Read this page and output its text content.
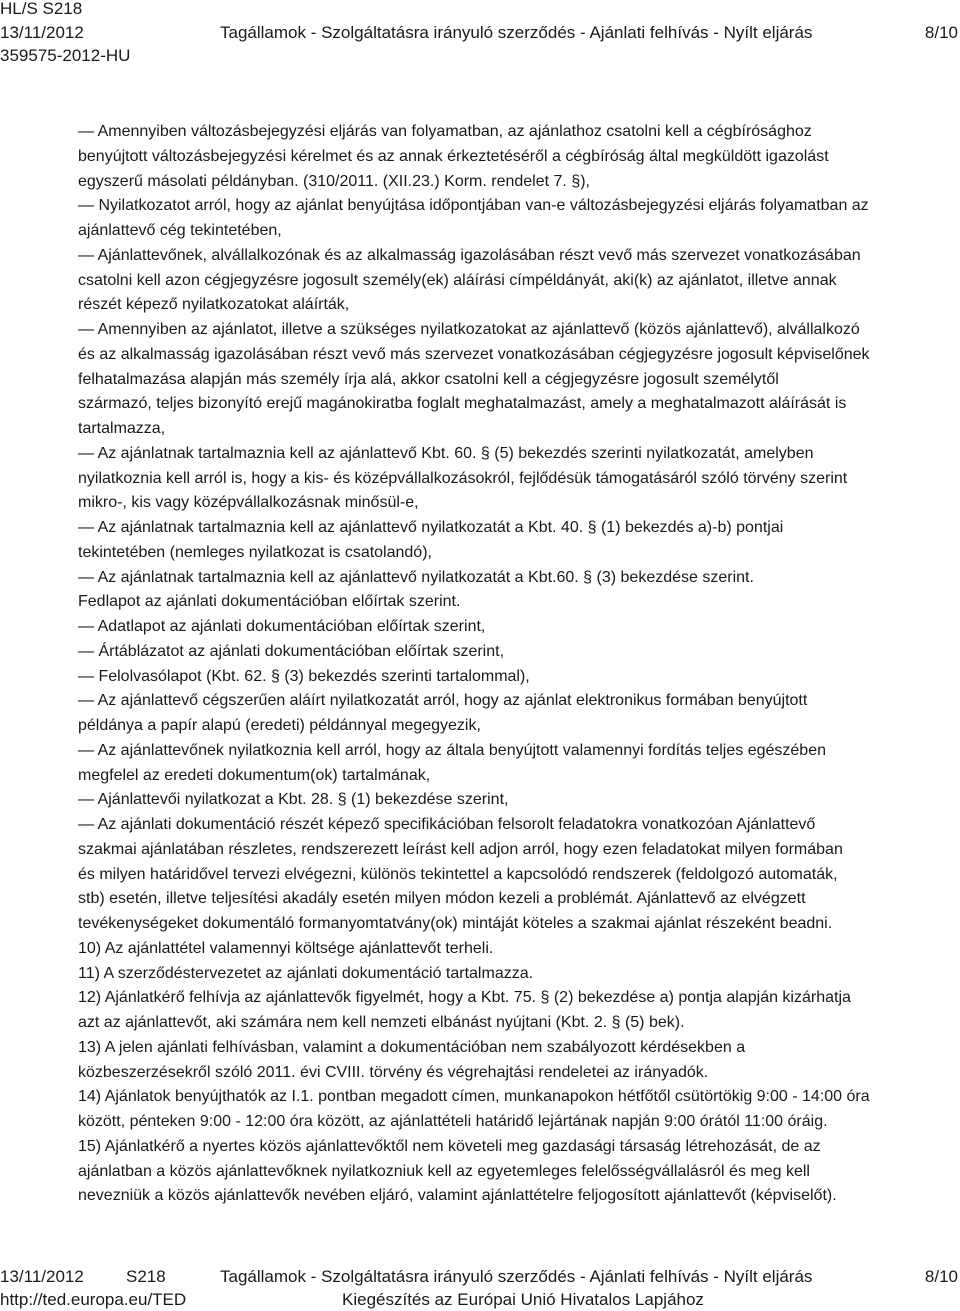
HL/S S218
13/11/2012	Tagállamok - Szolgáltatásra irányuló szerződés - Ajánlati felhívás - Nyílt eljárás	8/10
359575-2012-HU

— Amennyiben változásbejegyzési eljárás van folyamatban, az ajánlathoz csatolni kell a cégbírósághoz

benyújtott változásbejegyzési kérelmet és az annak érkeztetéséről a cégbíróság által megküldött igazolást

egyszerű másolati példányban. (310/2011. (XII.23.) Korm. rendelet 7. §),

— Nyilatkozatot arról, hogy az ajánlat benyújtása időpontjában van-e változásbejegyzési eljárás folyamatban az

ajánlattevő cég tekintetében,

— Ajánlattevőnek, alvállalkozónak és az alkalmasság igazolásában részt vevő más szervezet vonatkozásában

csatolni kell azon cégjegyzésre jogosult személy(ek) aláírási címpéldányát, aki(k) az ajánlatot, illetve annak

részét képező nyilatkozatokat aláírták,

— Amennyiben az ajánlatot, illetve a szükséges nyilatkozatokat az ajánlattevő (közös ajánlattevő), alvállalkozó

és az alkalmasság igazolásában részt vevő más szervezet vonatkozásában cégjegyzésre jogosult képviselőnek

felhatalmazása alapján más személy írja alá, akkor csatolni kell a cégjegyzésre jogosult személytől

származó, teljes bizonyító erejű magánokiratba foglalt meghatalmazást, amely a meghatalmazott aláírását is

tartalmazza,

— Az ajánlatnak tartalmaznia kell az ajánlattevő Kbt. 60. § (5) bekezdés szerinti nyilatkozatát, amelyben

nyilatkoznia kell arról is, hogy a kis- és középvállalkozásokról, fejlődésük támogatásáról szóló törvény szerint

mikro-, kis vagy középvállalkozásnak minősül-e,

— Az ajánlatnak tartalmaznia kell az ajánlattevő nyilatkozatát a Kbt. 40. § (1) bekezdés a)-b) pontjai

tekintetében (nemleges nyilatkozat is csatolandó),

— Az ajánlatnak tartalmaznia kell az ajánlattevő nyilatkozatát a Kbt.60. § (3) bekezdése szerint.

Fedlapot az ajánlati dokumentációban előírtak szerint.

— Adatlapot az ajánlati dokumentációban előírtak szerint,

— Ártáblázatot az ajánlati dokumentációban előírtak szerint,

— Felolvasólapot (Kbt. 62. § (3) bekezdés szerinti tartalommal),

— Az ajánlattevő cégszerűen aláírt nyilatkozatát arról, hogy az ajánlat elektronikus formában benyújtott

példánya a papír alapú (eredeti) példánnyal megegyezik,

— Az ajánlattevőnek nyilatkoznia kell arról, hogy az általa benyújtott valamennyi fordítás teljes egészében

megfelel az eredeti dokumentum(ok) tartalmának,

— Ajánlattevői nyilatkozat a Kbt. 28. § (1) bekezdése szerint,

— Az ajánlati dokumentáció részét képező specifikációban felsorolt feladatokra vonatkozóan Ajánlattevő

szakmai ajánlatában részletes, rendszerezett leírást kell adjon arról, hogy ezen feladatokat milyen formában

és milyen határidővel tervezi elvégezni, különös tekintettel a kapcsolódó rendszerek (feldolgozó automaták,

stb) esetén, illetve teljesítési akadály esetén milyen módon kezeli a problémát. Ajánlattevő az elvégzett

tevékenységeket dokumentáló formanyomtatvány(ok) mintáját köteles a szakmai ajánlat részeként beadni.

10) Az ajánlattétel valamennyi költsége ajánlattevőt terheli.

11) A szerződéstervezetet az ajánlati dokumentáció tartalmazza.

12) Ajánlatkérő felhívja az ajánlattevők figyelmét, hogy a Kbt. 75. § (2) bekezdése a) pontja alapján kizárhatja

azt az ajánlattevőt, aki számára nem kell nemzeti elbánást nyújtani (Kbt. 2. § (5) bek).

13) A jelen ajánlati felhívásban, valamint a dokumentációban nem szabályozott kérdésekben a

közbeszerzésekről szóló 2011. évi CVIII. törvény és végrehajtási rendeletei az irányadók.

14) Ajánlatok benyújthatók az I.1. pontban megadott címen, munkanapokon hétfőtől csütörtökig 9:00 - 14:00 óra

között, pénteken 9:00 - 12:00 óra között, az ajánlattételi határidő lejártának napján 9:00 órától 11:00 óráig.

15) Ajánlatkérő a nyertes közös ajánlattevőktől nem követeli meg gazdasági társaság létrehozását, de az

ajánlatban a közös ajánlattevőknek nyilatkozniuk kell az egyetemleges felelősségvállalásról és meg kell

nevezniük a közös ajánlattevők nevében eljáró, valamint ajánlattételre feljogosított ajánlattevőt (képviselőt).

13/11/2012 S218	Tagállamok - Szolgáltatásra irányuló szerződés - Ajánlati felhívás - Nyílt eljárás	8/10
http://ted.europa.eu/TED	Kiegészítés az Európai Unió Hivatalos Lapjához
